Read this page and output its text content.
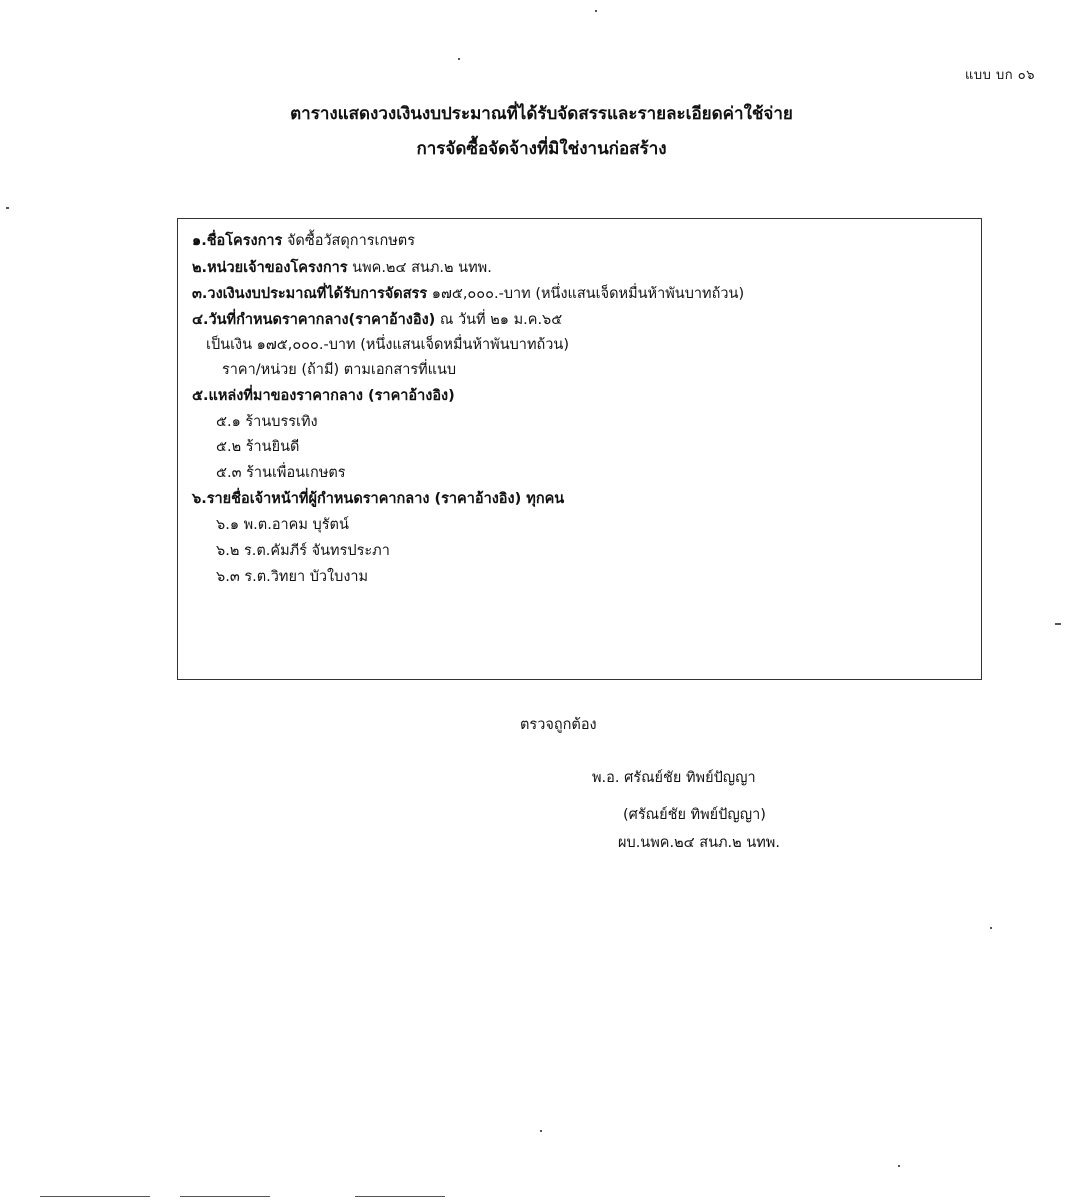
แบบ บก ๐๖
ตารางแสดงวงเงินงบประมาณที่ได้รับจัดสรรและรายละเอียดค่าใช้จ่าย
การจัดซื้อจัดจ้างที่มิใช่งานก่อสร้าง
๑.ชื่อโครงการ จัดซื้อวัสดุการเกษตร
๒.หน่วยเจ้าของโครงการ นพค.๒๔ สนภ.๒ นทพ.
๓.วงเงินงบประมาณที่ได้รับการจัดสรร ๑๗๕,๐๐๐.-บาท (หนึ่งแสนเจ็ดหมื่นห้าพันบาทถ้วน)
๔.วันที่กำหนดราคากลาง(ราคาอ้างอิง) ณ วันที่ ๒๑ ม.ค.๖๕
เป็นเงิน ๑๗๕,๐๐๐.-บาท (หนึ่งแสนเจ็ดหมื่นห้าพันบาทถ้วน)
ราคา/หน่วย (ถ้ามี) ตามเอกสารที่แนบ
๕.แหล่งที่มาของราคากลาง (ราคาอ้างอิง)
๕.๑ ร้านบรรเทิง
๕.๒ ร้านยินดี
๕.๓ ร้านเพื่อนเกษตร
๖.รายชื่อเจ้าหน้าที่ผู้กำหนดราคากลาง (ราคาอ้างอิง) ทุกคน
๖.๑ พ.ต.อาคม บุรัตน์
๖.๒ ร.ต.คัมภีร์ จันทรประภา
๖.๓ ร.ต.วิทยา บัวใบงาม
ตรวจถูกต้อง
พ.อ. ศรัณย์ชัย ทิพย์ปัญญา
(ศรัณย์ชัย ทิพย์ปัญญา)
ผบ.นพค.๒๔ สนภ.๒ นทพ.
